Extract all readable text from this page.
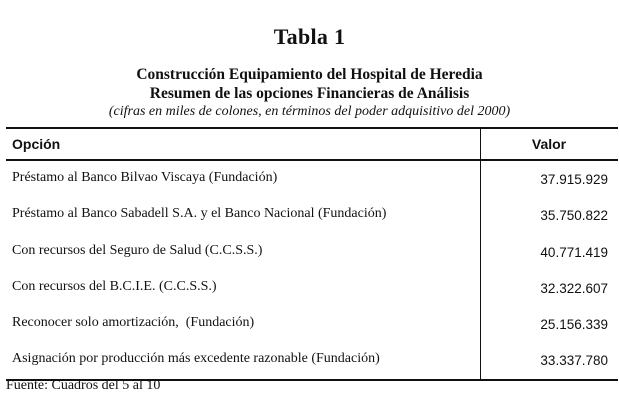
Tabla 1
Construcción Equipamiento del Hospital de Heredia
Resumen de las opciones Financieras de Análisis
(cifras en miles de colones, en términos del poder adquisitivo del 2000)
Opción	Valor
Préstamo al Banco Bilvao Viscaya (Fundación)	37.915.929
Préstamo al Banco Sabadell S.A. y el Banco Nacional (Fundación)	35.750.822
Con recursos del Seguro de Salud (C.C.S.S.)	40.771.419
Con recursos del B.C.I.E. (C.C.S.S.)	32.322.607
Reconocer solo amortización,  (Fundación)	25.156.339
Asignación por producción más excedente razonable (Fundación)	33.337.780
Fuente: Cuadros del 5 al 10
